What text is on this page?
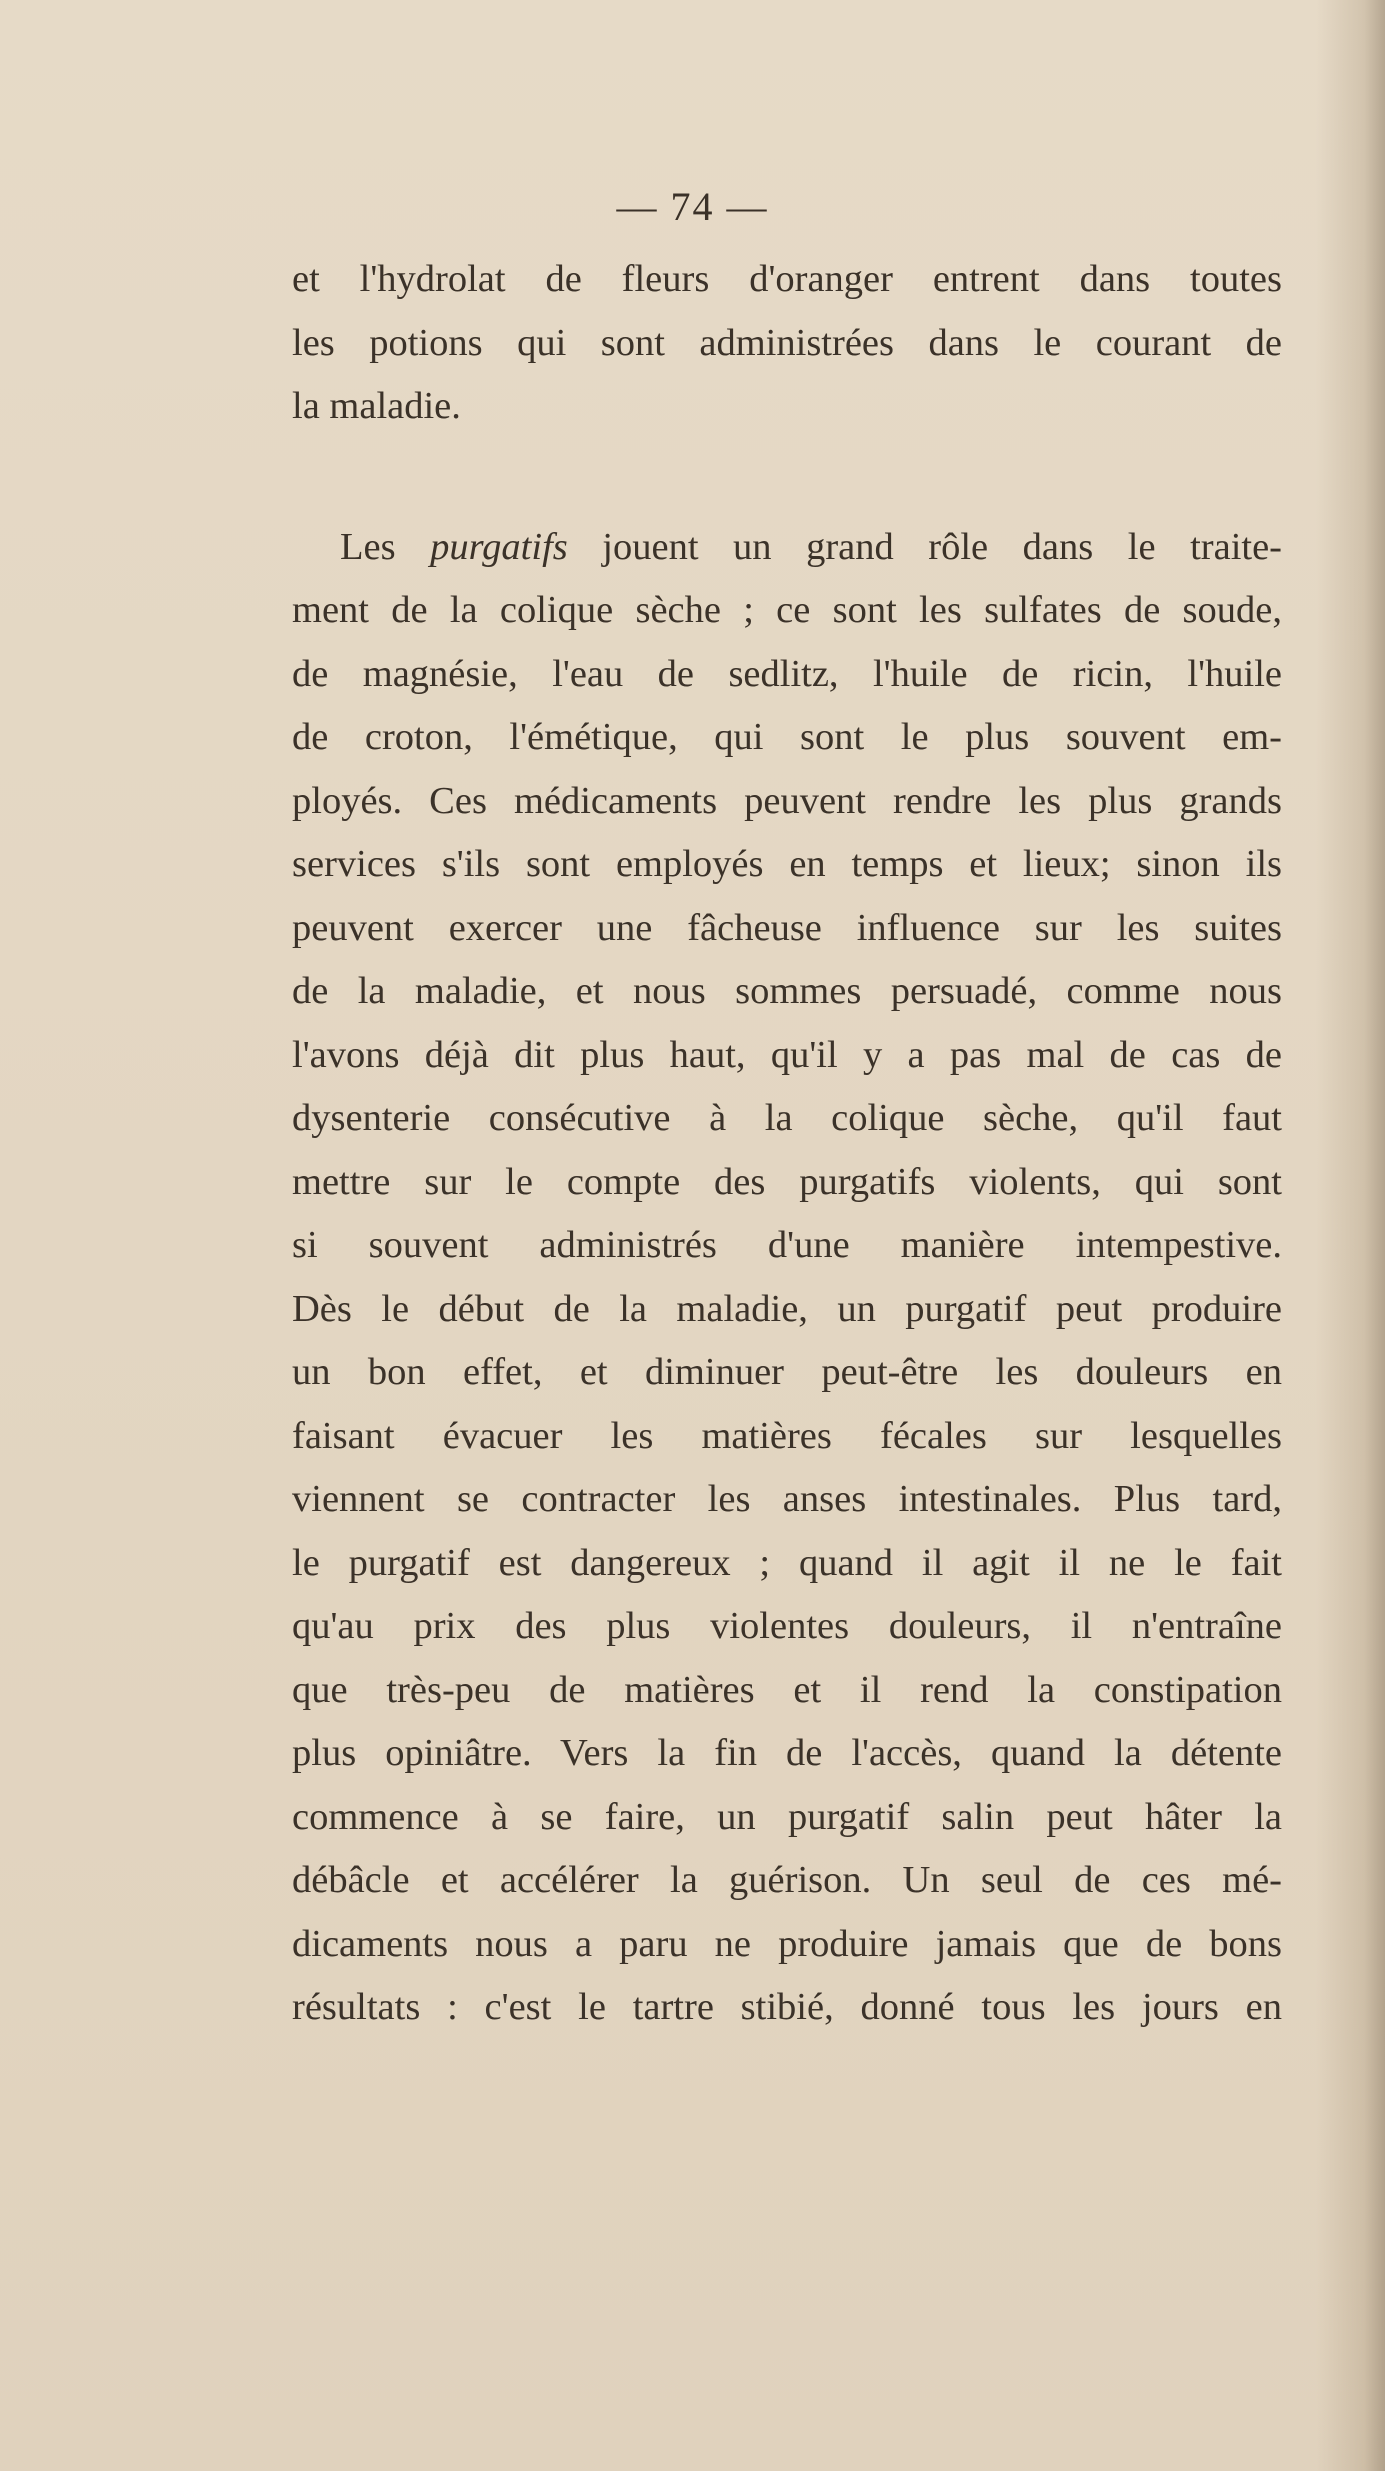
— 74 —
et l'hydrolat de fleurs d'oranger entrent dans toutes
les potions qui sont administrées dans le courant de
la maladie.
Les purgatifs jouent un grand rôle dans le traite-
ment de la colique sèche ; ce sont les sulfates de soude,
de magnésie, l'eau de sedlitz, l'huile de ricin, l'huile
de croton, l'émétique, qui sont le plus souvent em-
ployés. Ces médicaments peuvent rendre les plus grands
services s'ils sont employés en temps et lieux; sinon ils
peuvent exercer une fâcheuse influence sur les suites
de la maladie, et nous sommes persuadé, comme nous
l'avons déjà dit plus haut, qu'il y a pas mal de cas de
dysenterie consécutive à la colique sèche, qu'il faut
mettre sur le compte des purgatifs violents, qui sont
si souvent administrés d'une manière intempestive.
Dès le début de la maladie, un purgatif peut produire
un bon effet, et diminuer peut-être les douleurs en
faisant évacuer les matières fécales sur lesquelles
viennent se contracter les anses intestinales. Plus tard,
le purgatif est dangereux ; quand il agit il ne le fait
qu'au prix des plus violentes douleurs, il n'entraîne
que très-peu de matières et il rend la constipation
plus opiniâtre. Vers la fin de l'accès, quand la détente
commence à se faire, un purgatif salin peut hâter la
débâcle et accélérer la guérison. Un seul de ces mé-
dicaments nous a paru ne produire jamais que de bons
résultats : c'est le tartre stibié, donné tous les jours en
